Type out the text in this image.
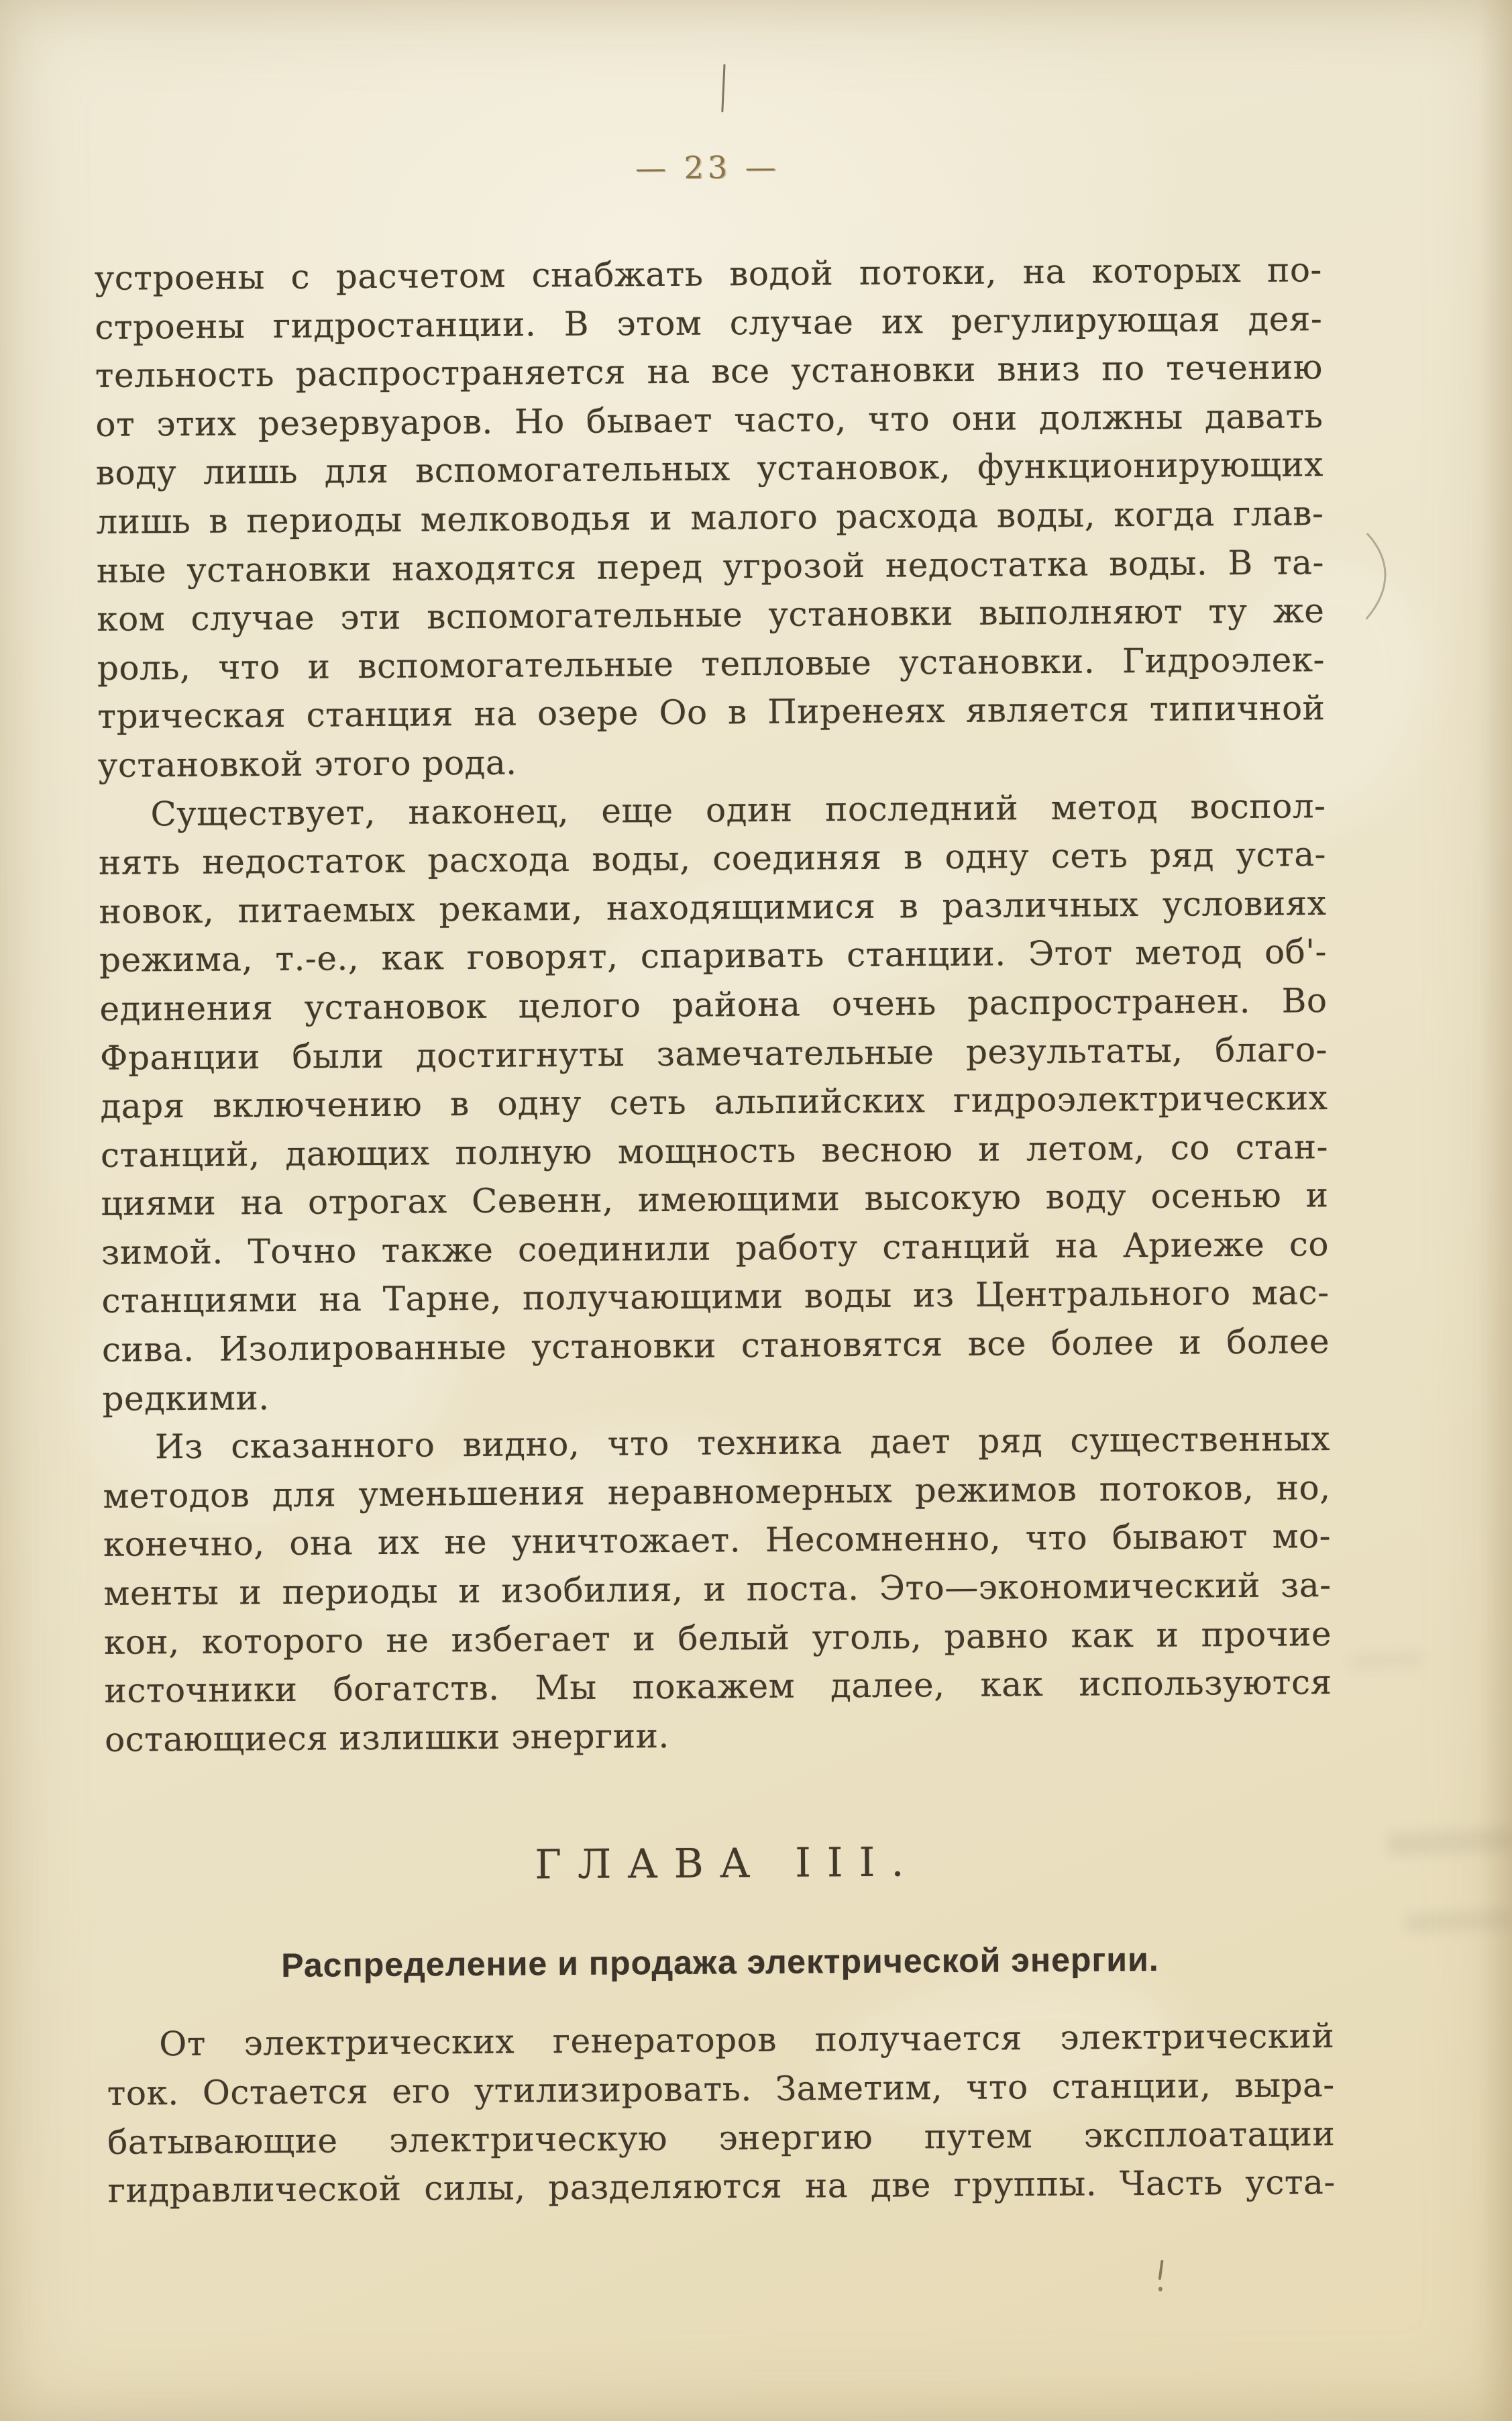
— 23 —
устроены с расчетом снабжать водой потоки, на которых по-
строены гидростанции. В этом случае их регулирующая дея-
тельность распространяется на все установки вниз по течению
от этих резервуаров. Но бывает часто, что они должны давать
воду лишь для вспомогательных установок, функционирующих
лишь в периоды мелководья и малого расхода воды, когда глав-
ные установки находятся перед угрозой недостатка воды. В та-
ком случае эти вспомогательные установки выполняют ту же
роль, что и вспомогательные тепловые установки. Гидроэлек-
трическая станция на озере Оо в Пиренеях является типичной
установкой этого рода.
Существует, наконец, еще один последний метод воспол-
нять недостаток расхода воды, соединяя в одну сеть ряд уста-
новок, питаемых реками, находящимися в различных условиях
режима, т.-е., как говорят, спаривать станции. Этот метод об'-
единения установок целого района очень распространен. Во
Франции были достигнуты замечательные результаты, благо-
даря включению в одну сеть альпийских гидроэлектрических
станций, дающих полную мощность весною и летом, со стан-
циями на отрогах Севенн, имеющими высокую воду осенью и
зимой. Точно также соединили работу станций на Ариеже со
станциями на Тарне, получающими воды из Центрального мас-
сива. Изолированные установки становятся все более и более
редкими.
Из сказанного видно, что техника дает ряд существенных
методов для уменьшения неравномерных режимов потоков, но,
конечно, она их не уничтожает. Несомненно, что бывают мо-
менты и периоды и изобилия, и поста. Это—экономический за-
кон, которого не избегает и белый уголь, равно как и прочие
источники богатств. Мы покажем далее, как используются
остающиеся излишки энергии.
ГЛАВА III.
Распределение и продажа электрической энергии.
От электрических генераторов получается электрический
ток. Остается его утилизировать. Заметим, что станции, выра-
батывающие электрическую энергию путем эксплоатации
гидравлической силы, разделяются на две группы. Часть уста-
